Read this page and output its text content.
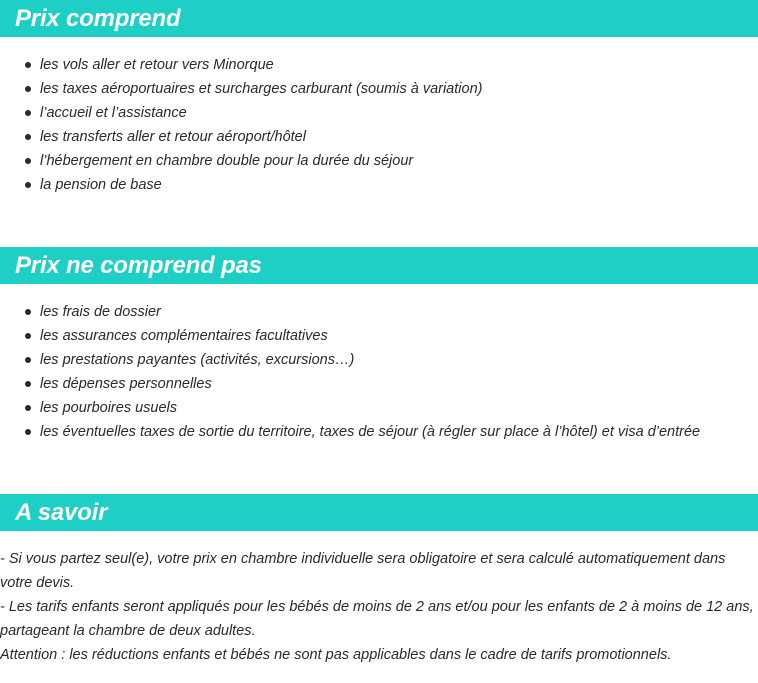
Prix comprend
les vols aller et retour vers Minorque
les taxes aéroportuaires et surcharges carburant (soumis à variation)
l’accueil et l’assistance
les transferts aller et retour aéroport/hôtel
l’hébergement en chambre double pour la durée du séjour
la pension de base
Prix ne comprend pas
les frais de dossier
les assurances complémentaires facultatives
les prestations payantes (activités, excursions…)
les dépenses personnelles
les pourboires usuels
les éventuelles taxes de sortie du territoire, taxes de séjour (à régler sur place à l’hôtel) et visa d’entrée
A savoir

- Si vous partez seul(e), votre prix en chambre individuelle sera obligatoire et sera calculé automatiquement dans votre devis.

- Les tarifs enfants seront appliqués pour les bébés de moins de 2 ans et/ou pour les enfants de 2 à moins de 12 ans, partageant la chambre de deux adultes.

Attention : les réductions enfants et bébés ne sont pas applicables dans le cadre de tarifs promotionnels.
